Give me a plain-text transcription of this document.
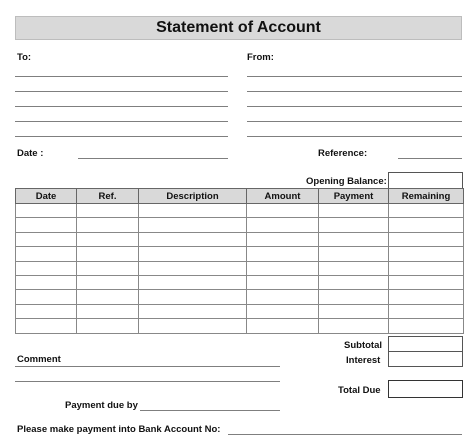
Statement of Account
To:	From:
Date :	Reference:
Opening Balance:
Date	Ref.	Description	Amount	Payment	Remaining

Subtotal
Interest
Comment
Total Due
Payment due by
Please make payment into Bank Account No:
